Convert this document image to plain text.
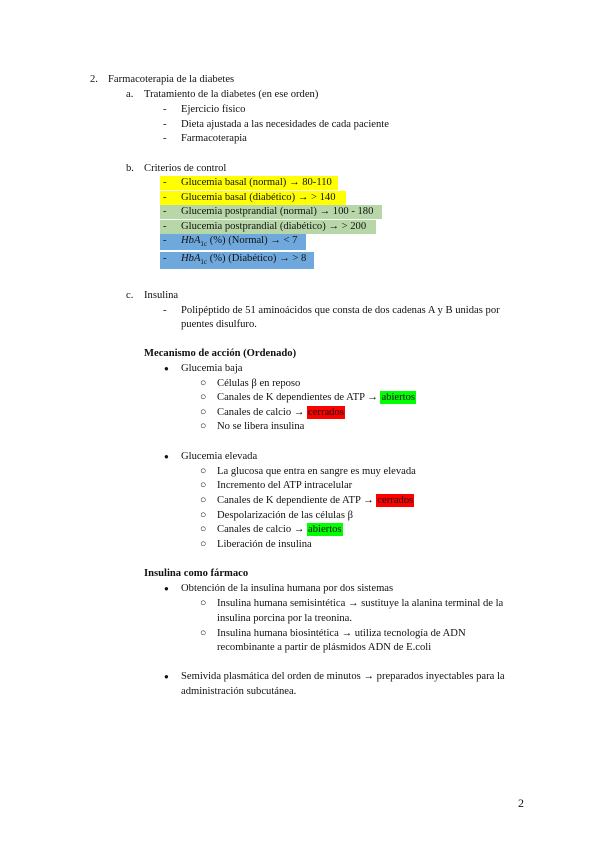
2. Farmacoterapia de la diabetes
a. Tratamiento de la diabetes (en ese orden)
- Ejercicio físico
- Dieta ajustada a las necesidades de cada paciente
- Farmacoterapia
b. Criterios de control
- Glucemia basal (normal) → 80-110
- Glucemia basal (diabético) → > 140
- Glucemia postprandial (normal) → 100 - 180
- Glucemia postprandial (diabético) → > 200
- HbA$_{1c}$ (%) (Normal) → < 7
- HbA$_{1c}$ (%) (Diabético) → > 8
c. Insulina
- Polipéptido de 51 aminoácidos que consta de dos cadenas A y B unidas por
puentes disulfuro.
Mecanismo de acción (Ordenado)
● Glucemia baja
○ Células β en reposo
○ Canales de K dependientes de ATP → abiertos
○ Canales de calcio → cerrados
○ No se libera insulina
● Glucemia elevada
○ La glucosa que entra en sangre es muy elevada
○ Incremento del ATP intracelular
○ Canales de K dependiente de ATP → cerrados
○ Despolarización de las células β
○ Canales de calcio → abiertos
○ Liberación de insulina
Insulina como fármaco
● Obtención de la insulina humana por dos sistemas
○ Insulina humana semisintética → sustituye la alanina terminal de la
insulina porcina por la treonina.
○ Insulina humana biosintética → utiliza tecnología de ADN
recombinante a partir de plásmidos ADN de E.coli
● Semivida plasmática del orden de minutos → preparados inyectables para la
administración subcutánea.
2
